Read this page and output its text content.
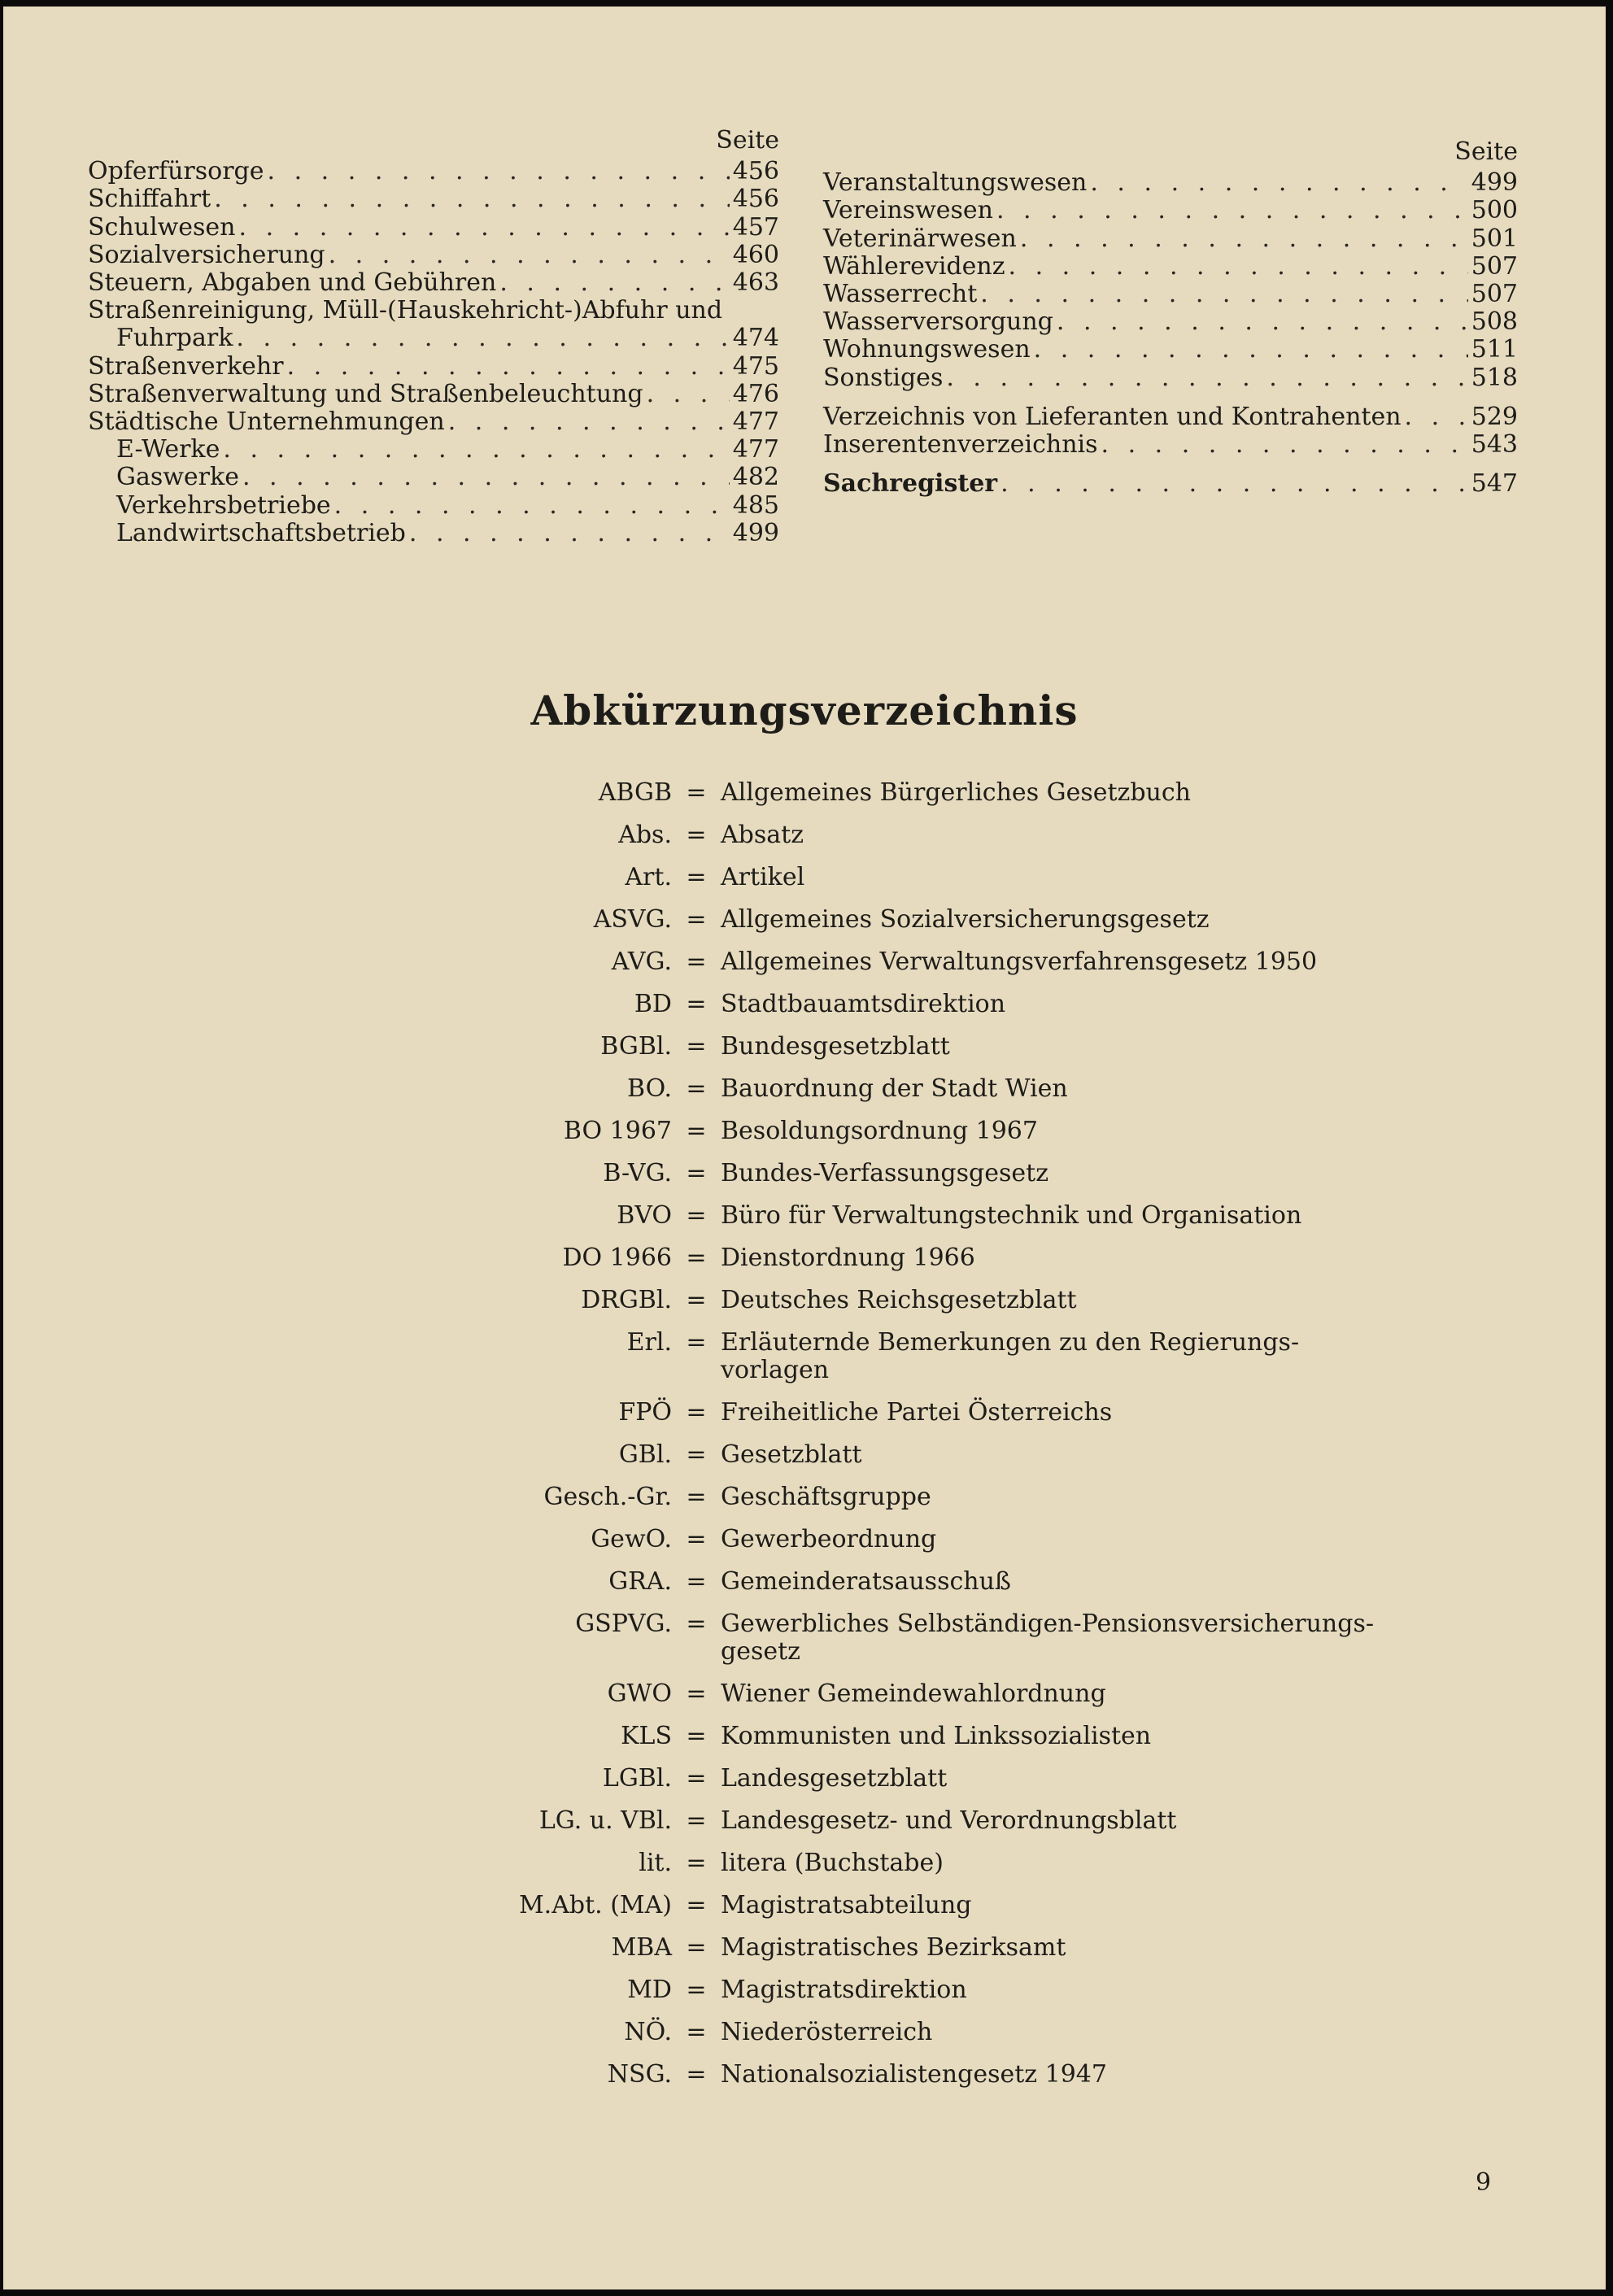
Seite
Opferfürsorge . . .	456
Schiffahrt . . .	456
Schulwesen . . .	457
Sozialversicherung . . .	460
Steuern, Abgaben und Gebühren . . .	463
Straßenreinigung, Müll-(Hauskehricht-)Abfuhr und
Fuhrpark . . .	474
Straßenverkehr . . .	475
Straßenverwaltung und Straßenbeleuchtung . . .	476
Städtische Unternehmungen . . .	477
E-Werke . . .	477
Gaswerke . . .	482
Verkehrsbetriebe . . .	485
Landwirtschaftsbetrieb . . .	499
Seite
Veranstaltungswesen . . .	499
Vereinswesen . . .	500
Veterinärwesen . . .	501
Wählerevidenz . . .	507
Wasserrecht . . .	507
Wasserversorgung . . .	508
Wohnungswesen . . .	511
Sonstiges . . .	518
Verzeichnis von Lieferanten und Kontrahenten . . .	529
Inserentenverzeichnis . . .	543
Sachregister . . .	547
Abkürzungsverzeichnis
ABGB = Allgemeines Bürgerliches Gesetzbuch
Abs. = Absatz
Art. = Artikel
ASVG. = Allgemeines Sozialversicherungsgesetz
AVG. = Allgemeines Verwaltungsverfahrensgesetz 1950
BD = Stadtbauamtsdirektion
BGBl. = Bundesgesetzblatt
BO. = Bauordnung der Stadt Wien
BO 1967 = Besoldungsordnung 1967
B-VG. = Bundes-Verfassungsgesetz
BVO = Büro für Verwaltungstechnik und Organisation
DO 1966 = Dienstordnung 1966
DRGBl. = Deutsches Reichsgesetzblatt
Erl. = Erläuternde Bemerkungen zu den Regierungs-
vorlagen
FPÖ = Freiheitliche Partei Österreichs
GBl. = Gesetzblatt
Gesch.-Gr. = Geschäftsgruppe
GewO. = Gewerbeordnung
GRA. = Gemeinderatsausschuß
GSPVG. = Gewerbliches Selbständigen-Pensionsversicherungs-
gesetz
GWO = Wiener Gemeindewahlordnung
KLS = Kommunisten und Linkssozialisten
LGBl. = Landesgesetzblatt
LG. u. VBl. = Landesgesetz- und Verordnungsblatt
lit. = litera (Buchstabe)
M.Abt. (MA) = Magistratsabteilung
MBA = Magistratisches Bezirksamt
MD = Magistratsdirektion
NÖ. = Niederösterreich
NSG. = Nationalsozialistengesetz 1947
9
